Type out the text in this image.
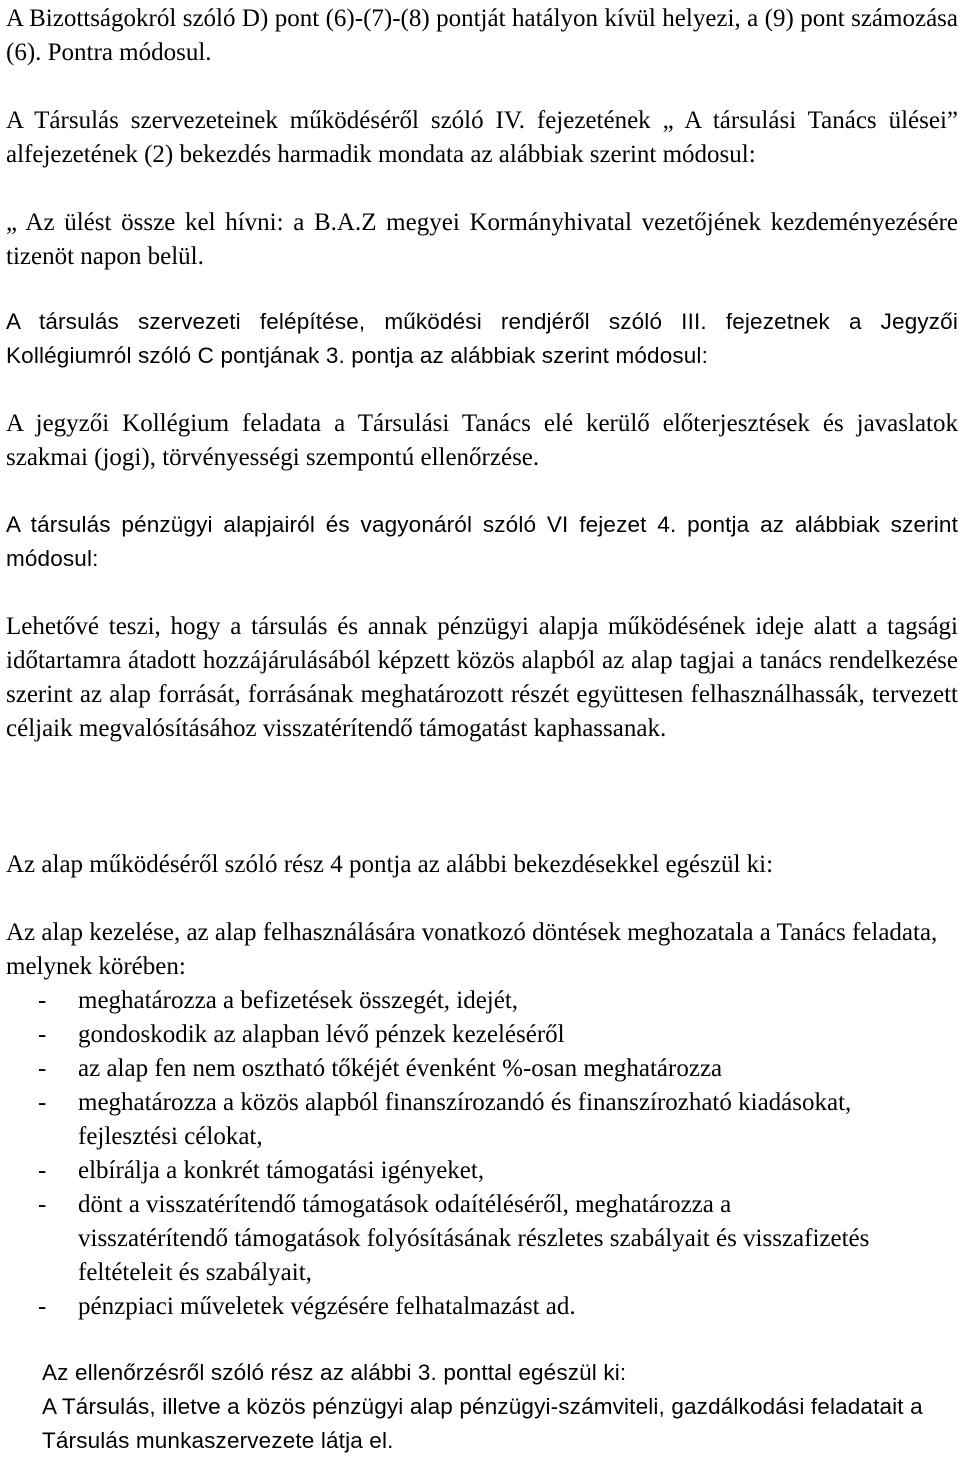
A Bizottságokról szóló D) pont (6)-(7)-(8) pontját hatályon kívül helyezi, a (9) pont számozása (6). Pontra módosul.

A Társulás szervezeteinek működéséről szóló IV. fejezetének „ A társulási Tanács ülései” alfejezetének (2) bekezdés harmadik mondata az alábbiak szerint módosul:

„ Az ülést össze kel hívni: a B.A.Z megyei Kormányhivatal vezetőjének kezdeményezésére tizenöt napon belül.

A társulás szervezeti felépítése, működési rendjéről szóló III. fejezetnek a Jegyzői Kollégiumról szóló C pontjának 3. pontja az alábbiak szerint módosul:

A jegyzői Kollégium feladata a Társulási Tanács elé kerülő előterjesztések és javaslatok szakmai (jogi), törvényességi szempontú ellenőrzése.

A társulás pénzügyi alapjairól és vagyonáról szóló VI fejezet 4. pontja az alábbiak szerint módosul:

Lehetővé teszi, hogy a társulás és annak pénzügyi alapja működésének ideje alatt a tagsági időtartamra átadott hozzájárulásából képzett közös alapból az alap tagjai a tanács rendelkezése szerint az alap forrását, forrásának meghatározott részét együttesen felhasználhassák, tervezett céljaik megvalósításához visszatérítendő támogatást kaphassanak.

Az alap működéséről szóló rész 4 pontja az alábbi bekezdésekkel egészül ki:

Az alap kezelése, az alap felhasználására vonatkozó döntések meghozatala a Tanács feladata, melynek körében:

- meghatározza a befizetések összegét, idejét,
- gondoskodik az alapban lévő pénzek kezeléséről
- az alap fen nem osztható tőkéjét évenként %-osan meghatározza
- meghatározza a közös alapból finanszírozandó és finanszírozható kiadásokat, fejlesztési célokat,
- elbírálja a konkrét támogatási igényeket,
- dönt a visszatérítendő támogatások odaítéléséről, meghatározza a visszatérítendő támogatások folyósításának részletes szabályait és visszafizetés feltételeit és szabályait,
- pénzpiaci műveletek végzésére felhatalmazást ad.

Az ellenőrzésről szóló rész az alábbi 3. ponttal egészül ki:

A Társulás, illetve a közös pénzügyi alap pénzügyi-számviteli, gazdálkodási feladatait a Társulás munkaszervezete látja el.
